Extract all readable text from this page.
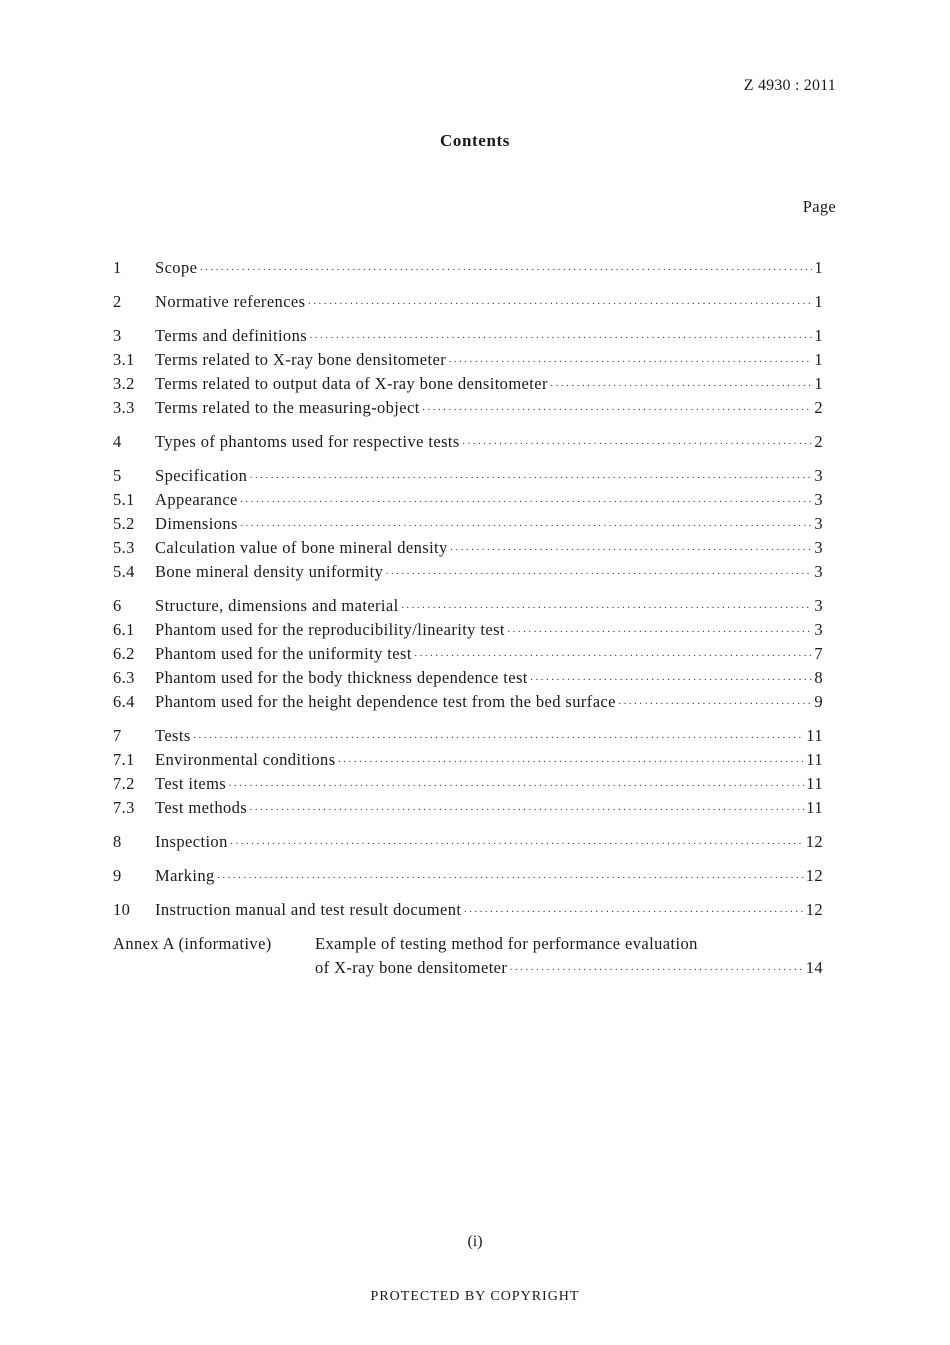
Z 4930 : 2011
Contents
Page
1	Scope ·····	1
2	Normative references ·····	1
3	Terms and definitions ·····	1
3.1	Terms related to X-ray bone densitometer ·····	1
3.2	Terms related to output data of X-ray bone densitometer ·····	1
3.3	Terms related to the measuring-object ·····	2
4	Types of phantoms used for respective tests ·····	2
5	Specification ·····	3
5.1	Appearance ·····	3
5.2	Dimensions ·····	3
5.3	Calculation value of bone mineral density ·····	3
5.4	Bone mineral density uniformity ·····	3
6	Structure, dimensions and material ·····	3
6.1	Phantom used for the reproducibility/linearity test ·····	3
6.2	Phantom used for the uniformity test ·····	7
6.3	Phantom used for the body thickness dependence test ·····	8
6.4	Phantom used for the height dependence test from the bed surface ·····	9
7	Tests ·····	11
7.1	Environmental conditions ·····	11
7.2	Test items ·····	11
7.3	Test methods ·····	11
8	Inspection ·····	12
9	Marking ·····	12
10	Instruction manual and test result document ·····	12
Annex A (informative)	Example of testing method for performance evaluation
of X-ray bone densitometer ·····	14
(i)
PROTECTED BY COPYRIGHT
